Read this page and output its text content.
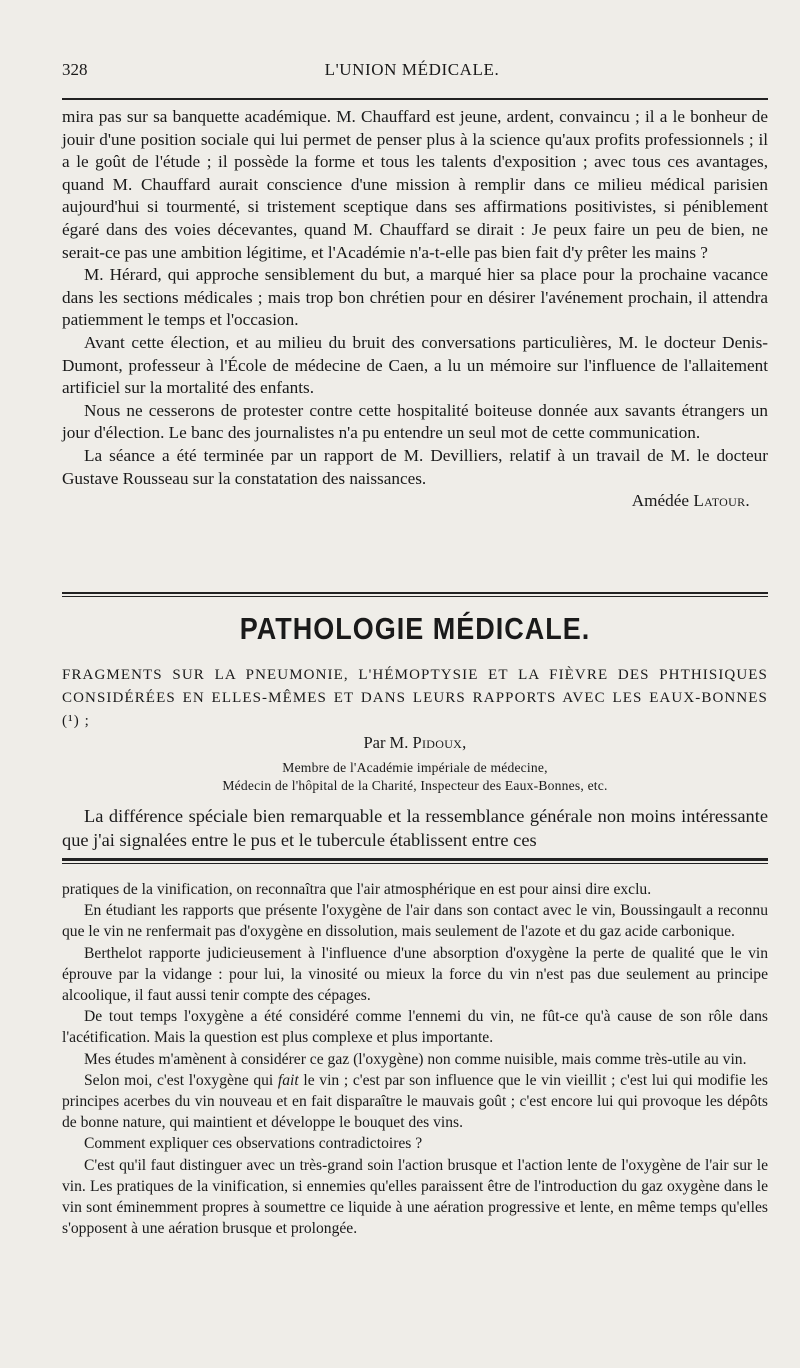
328	L'UNION MÉDICALE.

mira pas sur sa banquette académique. M. Chauffard est jeune, ardent, convaincu ; il a le bonheur de jouir d'une position sociale qui lui permet de penser plus à la science qu'aux profits professionnels ; il a le goût de l'étude ; il possède la forme et tous les talents d'exposition ; avec tous ces avantages, quand M. Chauffard aurait conscience d'une mission à remplir dans ce milieu médical parisien aujourd'hui si tourmenté, si tristement sceptique dans ses affirmations positivistes, si péniblement égaré dans des voies décevantes, quand M. Chauffard se dirait : Je peux faire un peu de bien, ne serait-ce pas une ambition légitime, et l'Académie n'a-t-elle pas bien fait d'y prêter les mains ?

M. Hérard, qui approche sensiblement du but, a marqué hier sa place pour la prochaine vacance dans les sections médicales ; mais trop bon chrétien pour en désirer l'avénement prochain, il attendra patiemment le temps et l'occasion.

Avant cette élection, et au milieu du bruit des conversations particulières, M. le docteur Denis-Dumont, professeur à l'École de médecine de Caen, a lu un mémoire sur l'influence de l'allaitement artificiel sur la mortalité des enfants.

Nous ne cesserons de protester contre cette hospitalité boiteuse donnée aux savants étrangers un jour d'élection. Le banc des journalistes n'a pu entendre un seul mot de cette communication.

La séance a été terminée par un rapport de M. Devilliers, relatif à un travail de M. le docteur Gustave Rousseau sur la constatation des naissances.

Amédée Latour.

PATHOLOGIE MÉDICALE.
FRAGMENTS SUR LA PNEUMONIE, L'HÉMOPTYSIE ET LA FIÈVRE DES PHTHISIQUES CONSIDÉRÉES EN ELLES-MÊMES ET DANS LEURS RAPPORTS AVEC LES EAUX-BONNES (¹) ;
Par M. Pidoux,
Membre de l'Académie impériale de médecine,
Médecin de l'hôpital de la Charité, Inspecteur des Eaux-Bonnes, etc.

La différence spéciale bien remarquable et la ressemblance générale non moins intéressante que j'ai signalées entre le pus et le tubercule établissent entre ces

pratiques de la vinification, on reconnaîtra que l'air atmosphérique en est pour ainsi dire exclu.

En étudiant les rapports que présente l'oxygène de l'air dans son contact avec le vin, Boussingault a reconnu que le vin ne renfermait pas d'oxygène en dissolution, mais seulement de l'azote et du gaz acide carbonique.

Berthelot rapporte judicieusement à l'influence d'une absorption d'oxygène la perte de qualité que le vin éprouve par la vidange : pour lui, la vinosité ou mieux la force du vin n'est pas due seulement au principe alcoolique, il faut aussi tenir compte des cépages.

De tout temps l'oxygène a été considéré comme l'ennemi du vin, ne fût-ce qu'à cause de son rôle dans l'acétification. Mais la question est plus complexe et plus importante.

Mes études m'amènent à considérer ce gaz (l'oxygène) non comme nuisible, mais comme très-utile au vin.

Selon moi, c'est l'oxygène qui fait le vin ; c'est par son influence que le vin vieillit ; c'est lui qui modifie les principes acerbes du vin nouveau et en fait disparaître le mauvais goût ; c'est encore lui qui provoque les dépôts de bonne nature, qui maintient et développe le bouquet des vins.

Comment expliquer ces observations contradictoires ?

C'est qu'il faut distinguer avec un très-grand soin l'action brusque et l'action lente de l'oxygène de l'air sur le vin. Les pratiques de la vinification, si ennemies qu'elles paraissent être de l'introduction du gaz oxygène dans le vin sont éminemment propres à soumettre ce liquide à une aération progressive et lente, en même temps qu'elles s'opposent à une aération brusque et prolongée.
